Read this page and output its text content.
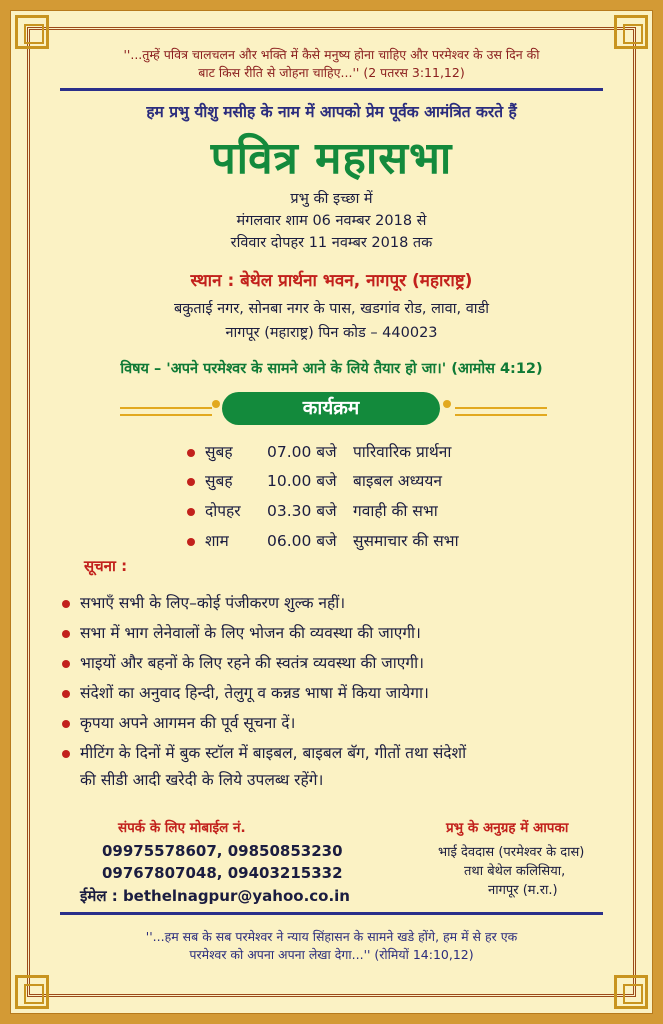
''...तुम्हें पवित्र चालचलन और भक्ति में कैसे मनुष्य होना चाहिए और परमेश्वर के उस दिन की
बाट किस रीति से जोहना चाहिए...'' (2 पतरस 3:11,12)
हम प्रभु यीशु मसीह के नाम में आपको प्रेम पूर्वक आमंत्रित करते हैं
पवित्र महासभा
प्रभु की इच्छा में
मंगलवार शाम 06 नवम्बर 2018 से
रविवार दोपहर 11 नवम्बर 2018 तक
स्थान : बेथेल प्रार्थना भवन, नागपूर (महाराष्ट्र)
बकुताई नगर, सोनबा नगर के पास, खडगांव रोड, लावा, वाडी
नागपूर (महाराष्ट्र) पिन कोड – 440023
विषय – 'अपने परमेश्वर के सामने आने के लिये तैयार हो जा।' (आमोस 4:12)
कार्यक्रम
सुबह 07.00 बजे पारिवारिक प्रार्थना
सुबह 10.00 बजे बाइबल अध्ययन
दोपहर 03.30 बजे गवाही की सभा
शाम 06.00 बजे सुसमाचार की सभा
सूचना :
सभाएँ सभी के लिए–कोई पंजीकरण शुल्क नहीं।
सभा में भाग लेनेवालों के लिए भोजन की व्यवस्था की जाएगी।
भाइयों और बहनों के लिए रहने की स्वतंत्र व्यवस्था की जाएगी।
संदेशों का अनुवाद हिन्दी, तेलुगू व कन्नड भाषा में किया जायेगा।
कृपया अपने आगमन की पूर्व सूचना दें।
मीटिंग के दिनों में बुक स्टॉल में बाइबल, बाइबल बॅग, गीतों तथा संदेशों
की सीडी आदी खरेदी के लिये उपलब्ध रहेंगे।
संपर्क के लिए मोबाईल नं.
09975578607, 09850853230
09767807048, 09403215332
ईमेल : bethelnagpur@yahoo.co.in
प्रभु के अनुग्रह में आपका
भाई देवदास (परमेश्वर के दास)
तथा बेथेल कलिसिया,
नागपूर (म.रा.)
''...हम सब के सब परमेश्वर ने न्याय सिंहासन के सामने खडे होंगे, हम में से हर एक
परमेश्वर को अपना अपना लेखा देगा...'' (रोमियों 14:10,12)
